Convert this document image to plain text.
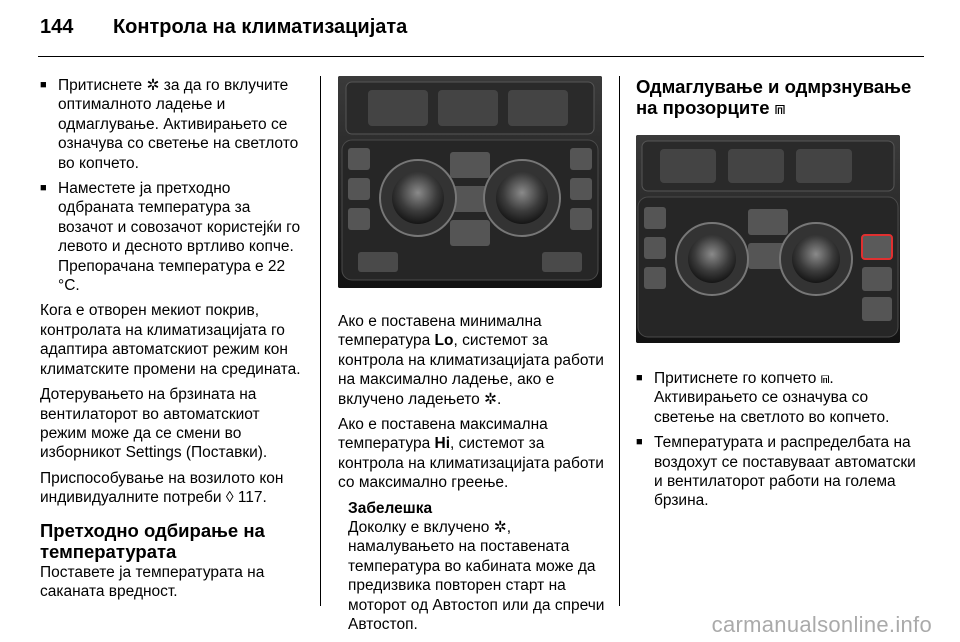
144 Контрола на климатизацијата
■ Притиснете ✲ за да го вклучите оптималното ладење и одмаглување. Активирањето се означува со светење на светлото во копчето.
■ Наместете ја претходно одбраната температура за возачот и совозачот користејќи го левото и десното вртливо копче. Препорачана температура е 22 °C.

Кога е отворен мекиот покрив, контролата на климатизацијата го адаптира автоматскиот режим кон климатските промени на средината.

Дотерувањето на брзината на вентилаторот во автоматскиот режим може да се смени во изборникот Settings (Поставки).

Приспособување на возилото кон индивидуалните потреби ◊ 117.

Претходно одбирање на температурата

Поставете ја температурата на саканата вредност.

Ако е поставена минимална температура Lo, системот за контрола на климатизацијата работи на максимално ладење, ако е вклучено ладењето ✲.

Ако е поставена максимална температура Hi, системот за контрола на климатизацијата работи со максимално греење.

Забелешка
Доколку е вклучено ✲, намалувањето на поставената температура во кабината може да предизвика повторен старт на моторот од Автостоп или да спречи Автостоп.
Одмаглување и одмрзнување на прозорците ⩎
■ Притиснете го копчето ⩎. Активирањето се означува со светење на светлото во копчето.
■ Температурата и распределбата на воздохут се поставуваат автоматски и вентилаторот работи на голема брзина.
carmanualsonline.info
